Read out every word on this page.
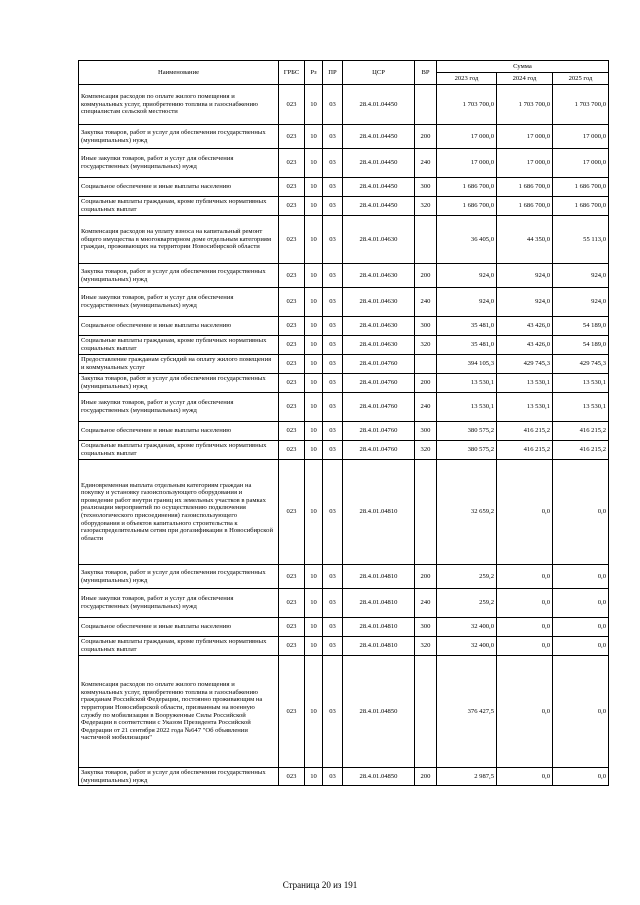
Наименование	ГРБС	Рз	ПР	ЦСР	ВР	Сумма		
						2023 год	2024 год	2025 год
Компенсация расходов по оплате жилого помещения и коммунальных услуг, приобретению топлива и газоснабжению специалистам сельской местности	023	10	03	28.4.01.04450		1 703 700,0	1 703 700,0	1 703 700,0
Закупка товаров, работ и услуг для обеспечения государственных (муниципальных) нужд	023	10	03	28.4.01.04450	200	17 000,0	17 000,0	17 000,0
Иные закупки товаров, работ и услуг для обеспечения государственных (муниципальных) нужд	023	10	03	28.4.01.04450	240	17 000,0	17 000,0	17 000,0
Социальное обеспечение и иные выплаты населению	023	10	03	28.4.01.04450	300	1 686 700,0	1 686 700,0	1 686 700,0
Социальные выплаты гражданам, кроме публичных нормативных социальных выплат	023	10	03	28.4.01.04450	320	1 686 700,0	1 686 700,0	1 686 700,0
Компенсация расходов на уплату взноса на капитальный ремонт общего имущества в многоквартирном доме отдельным категориям граждан, проживающих на территории Новосибирской области	023	10	03	28.4.01.04630		36 405,0	44 350,0	55 113,0
Закупка товаров, работ и услуг для обеспечения государственных (муниципальных) нужд	023	10	03	28.4.01.04630	200	924,0	924,0	924,0
Иные закупки товаров, работ и услуг для обеспечения государственных (муниципальных) нужд	023	10	03	28.4.01.04630	240	924,0	924,0	924,0
Социальное обеспечение и иные выплаты населению	023	10	03	28.4.01.04630	300	35 481,0	43 426,0	54 189,0
Социальные выплаты гражданам, кроме публичных нормативных социальных выплат	023	10	03	28.4.01.04630	320	35 481,0	43 426,0	54 189,0
Предоставление гражданам субсидий на оплату жилого помещения и коммунальных услуг	023	10	03	28.4.01.04760		394 105,3	429 745,3	429 745,3
Закупка товаров, работ и услуг для обеспечения государственных (муниципальных) нужд	023	10	03	28.4.01.04760	200	13 530,1	13 530,1	13 530,1
Иные закупки товаров, работ и услуг для обеспечения государственных (муниципальных) нужд	023	10	03	28.4.01.04760	240	13 530,1	13 530,1	13 530,1
Социальное обеспечение и иные выплаты населению	023	10	03	28.4.01.04760	300	380 575,2	416 215,2	416 215,2
Социальные выплаты гражданам, кроме публичных нормативных социальных выплат	023	10	03	28.4.01.04760	320	380 575,2	416 215,2	416 215,2
Единовременная выплата отдельным категориям граждан на покупку и установку газоиспользующего оборудования и проведение работ внутри границ их земельных участков в рамках реализации мероприятий по осуществлению подключения (технологического присоединения) газоиспользующего оборудования и объектов капитального строительства к газораспределительным сетям при догазификации в Новосибирской области	023	10	03	28.4.01.04810		32 659,2	0,0	0,0
Закупка товаров, работ и услуг для обеспечения государственных (муниципальных) нужд	023	10	03	28.4.01.04810	200	259,2	0,0	0,0
Иные закупки товаров, работ и услуг для обеспечения государственных (муниципальных) нужд	023	10	03	28.4.01.04810	240	259,2	0,0	0,0
Социальное обеспечение и иные выплаты населению	023	10	03	28.4.01.04810	300	32 400,0	0,0	0,0
Социальные выплаты гражданам, кроме публичных нормативных социальных выплат	023	10	03	28.4.01.04810	320	32 400,0	0,0	0,0
Компенсация расходов по оплате жилого помещения и коммунальных услуг, приобретению топлива и газоснабжению гражданам Российской Федерации, постоянно проживающим на территории Новосибирской области, призванным на военную службу по мобилизации в Вооруженные Силы Российской Федерации в соответствии с Указом Президента Российской Федерации от 21 сентября 2022 года №647 "Об объявлении частичной мобилизации"	023	10	03	28.4.01.04850		376 427,5	0,0	0,0
Закупка товаров, работ и услуг для обеспечения государственных (муниципальных) нужд	023	10	03	28.4.01.04850	200	2 987,5	0,0	0,0
Страница 20 из 191
